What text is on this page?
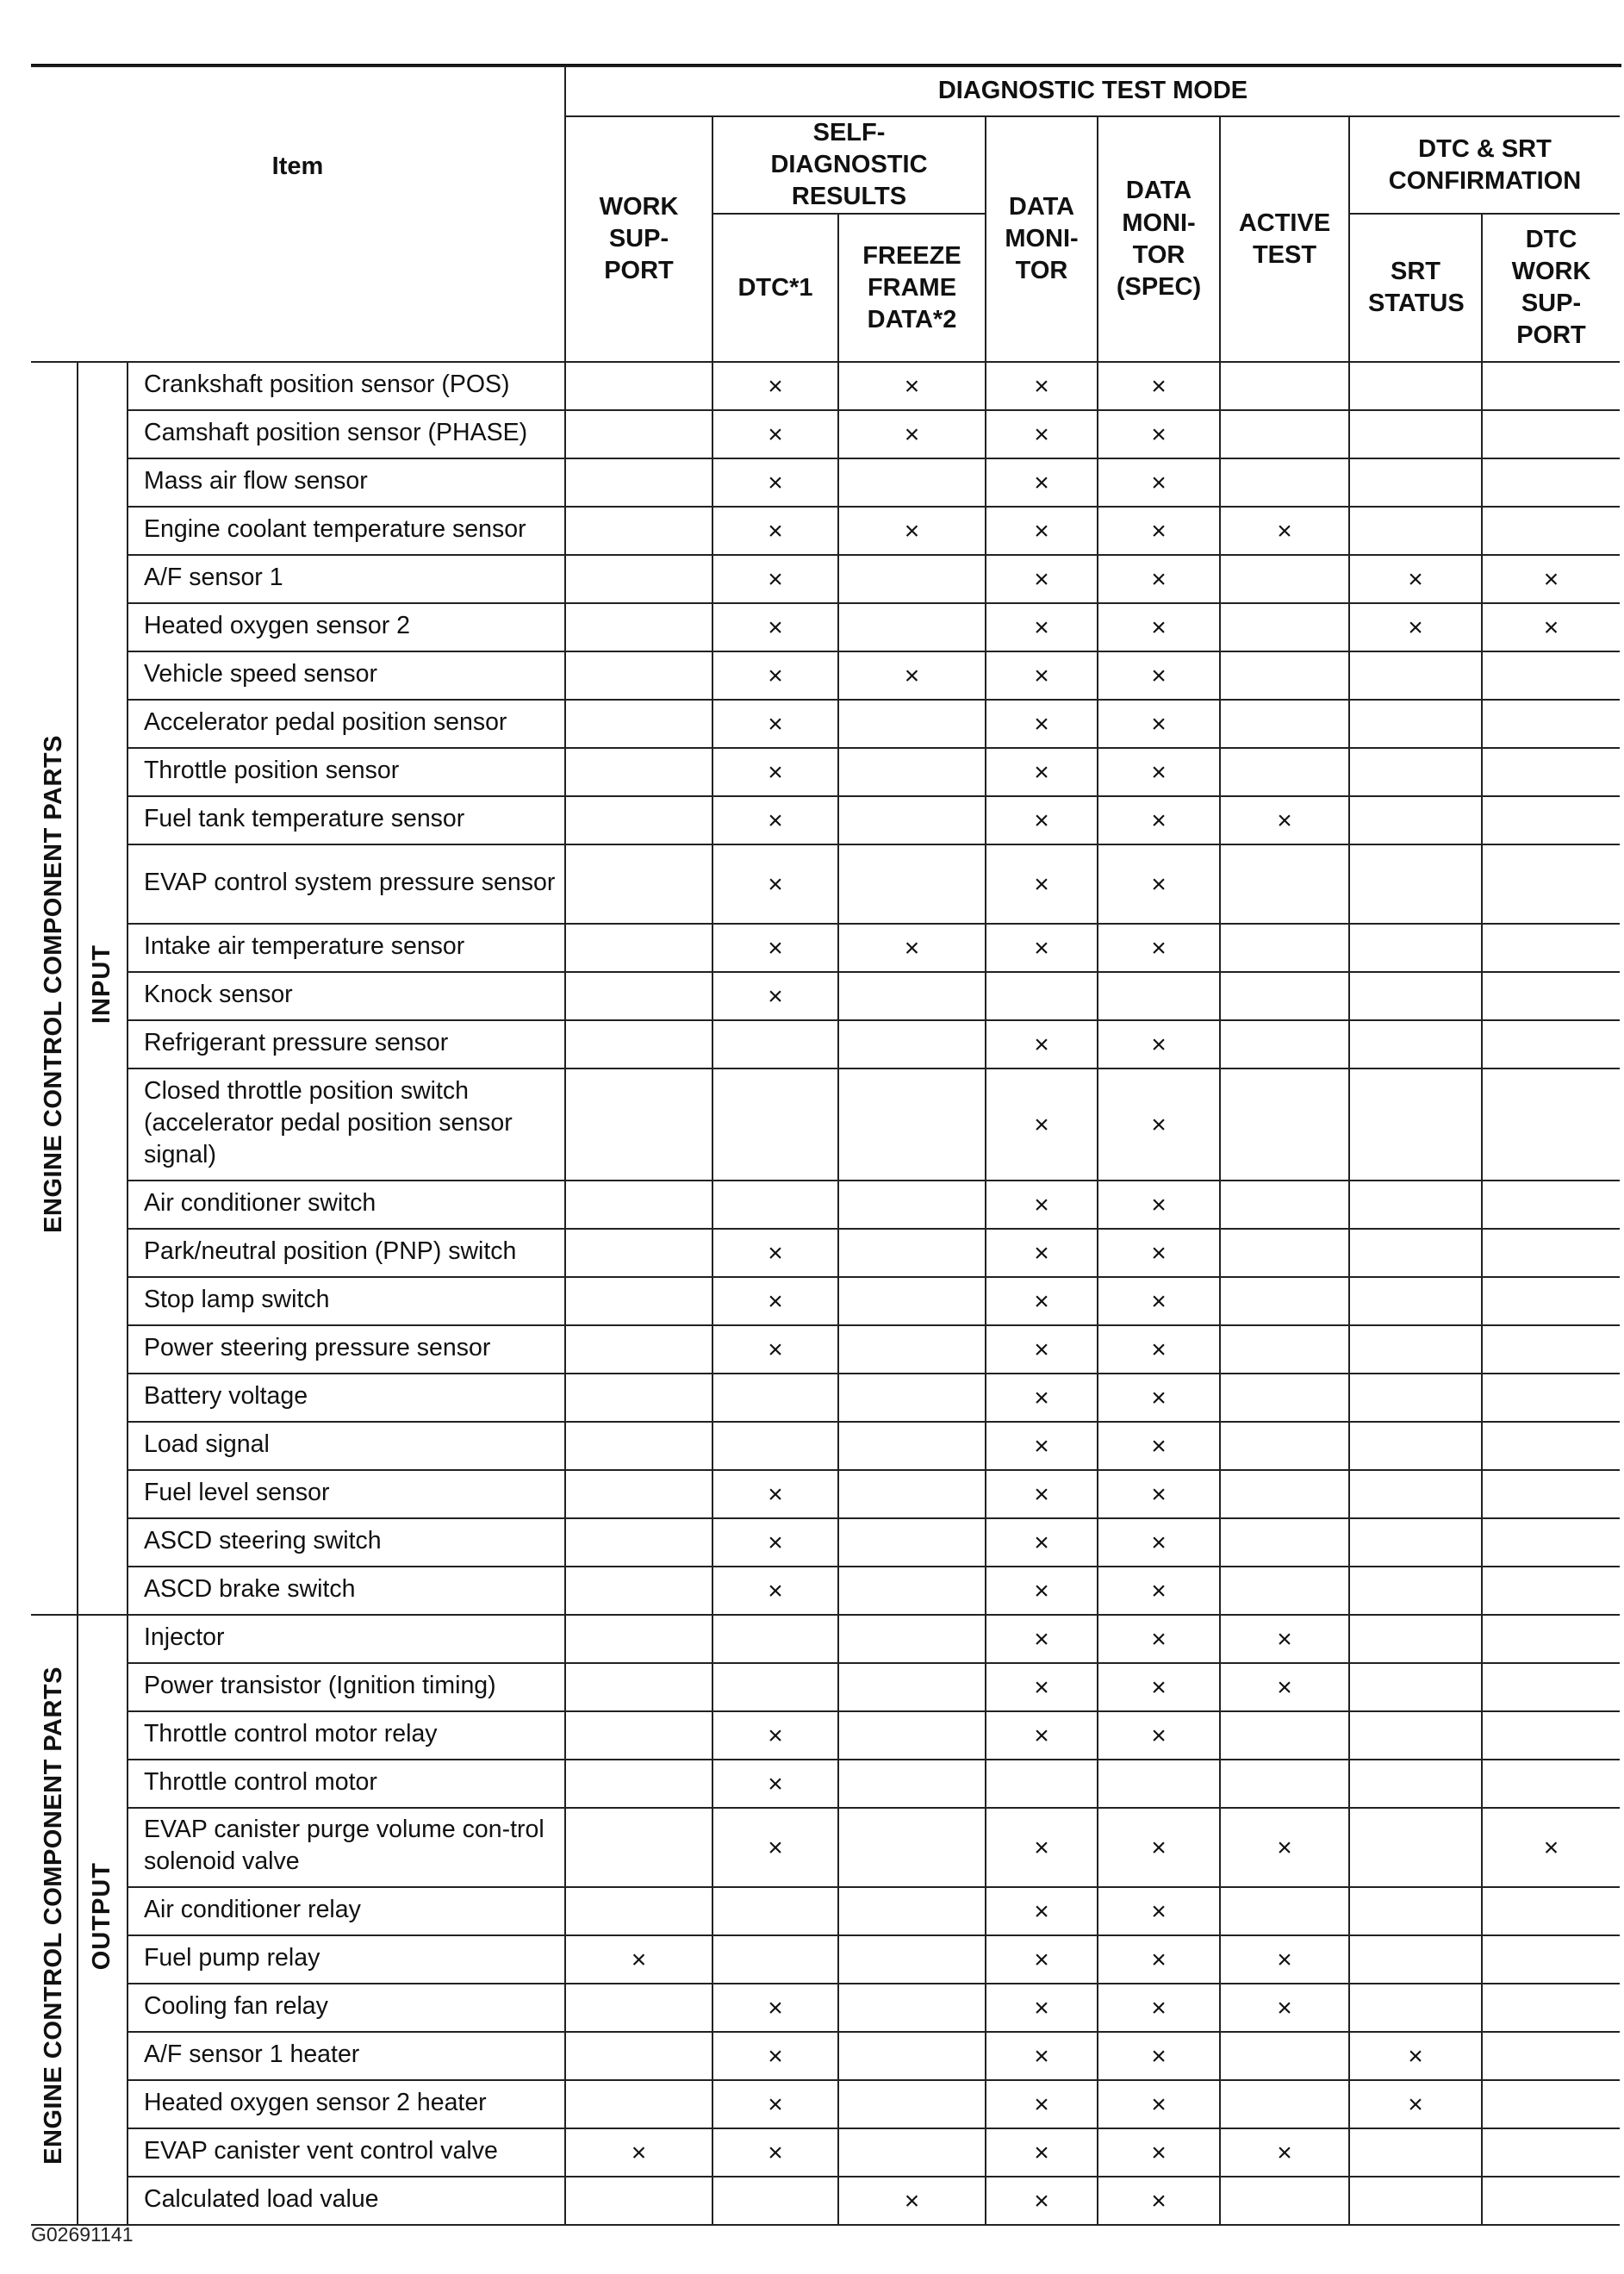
Item			DIAGNOSTIC TEST MODE							

			WORK SUP-PORT	SELF-DIAGNOSTIC RESULTS		DATA MONI-TOR	DATA MONI-TOR (SPEC)	ACTIVE TEST	DTC & SRT CONFIRMATION	

				DTC*1	FREEZE FRAME DATA*2				SRT STATUS	DTC WORK SUP-PORT

ENGINE CONTROL COMPONENT PARTS	INPUT	Crankshaft position sensor (POS)		×	×	×	×			
		Camshaft position sensor (PHASE)		×	×	×	×			
		Mass air flow sensor		×		×	×			
		Engine coolant temperature sensor		×	×	×	×	×		
		A/F sensor 1		×		×	×		×	×
		Heated oxygen sensor 2		×		×	×		×	×
		Vehicle speed sensor		×	×	×	×			
		Accelerator pedal position sensor		×		×	×			
		Throttle position sensor		×		×	×			
		Fuel tank temperature sensor		×		×	×	×		
		EVAP control system pressure sensor		×		×	×			
		Intake air temperature sensor		×	×	×	×			
		Knock sensor		×						
		Refrigerant pressure sensor				×	×			
		Closed throttle position switch (accelerator pedal position sensor signal)				×	×			
		Air conditioner switch				×	×			
		Park/neutral position (PNP) switch		×		×	×			
		Stop lamp switch		×		×	×			
		Power steering pressure sensor		×		×	×			
		Battery voltage				×	×			
		Load signal				×	×			
		Fuel level sensor		×		×	×			
		ASCD steering switch		×		×	×			
		ASCD brake switch		×		×	×			
ENGINE CONTROL COMPONENT PARTS	OUTPUT	Injector				×	×	×		
		Power transistor (Ignition timing)				×	×	×		
		Throttle control motor relay		×		×	×			
		Throttle control motor		×						
		EVAP canister purge volume con-trol solenoid valve		×		×	×	×		×
		Air conditioner relay				×	×			
		Fuel pump relay	×			×	×	×		
		Cooling fan relay		×		×	×	×		
		A/F sensor 1 heater		×		×	×		×	
		Heated oxygen sensor 2 heater		×		×	×		×	
		EVAP canister vent control valve	×	×		×	×	×		
		Calculated load value			×	×	×			
G02691141
